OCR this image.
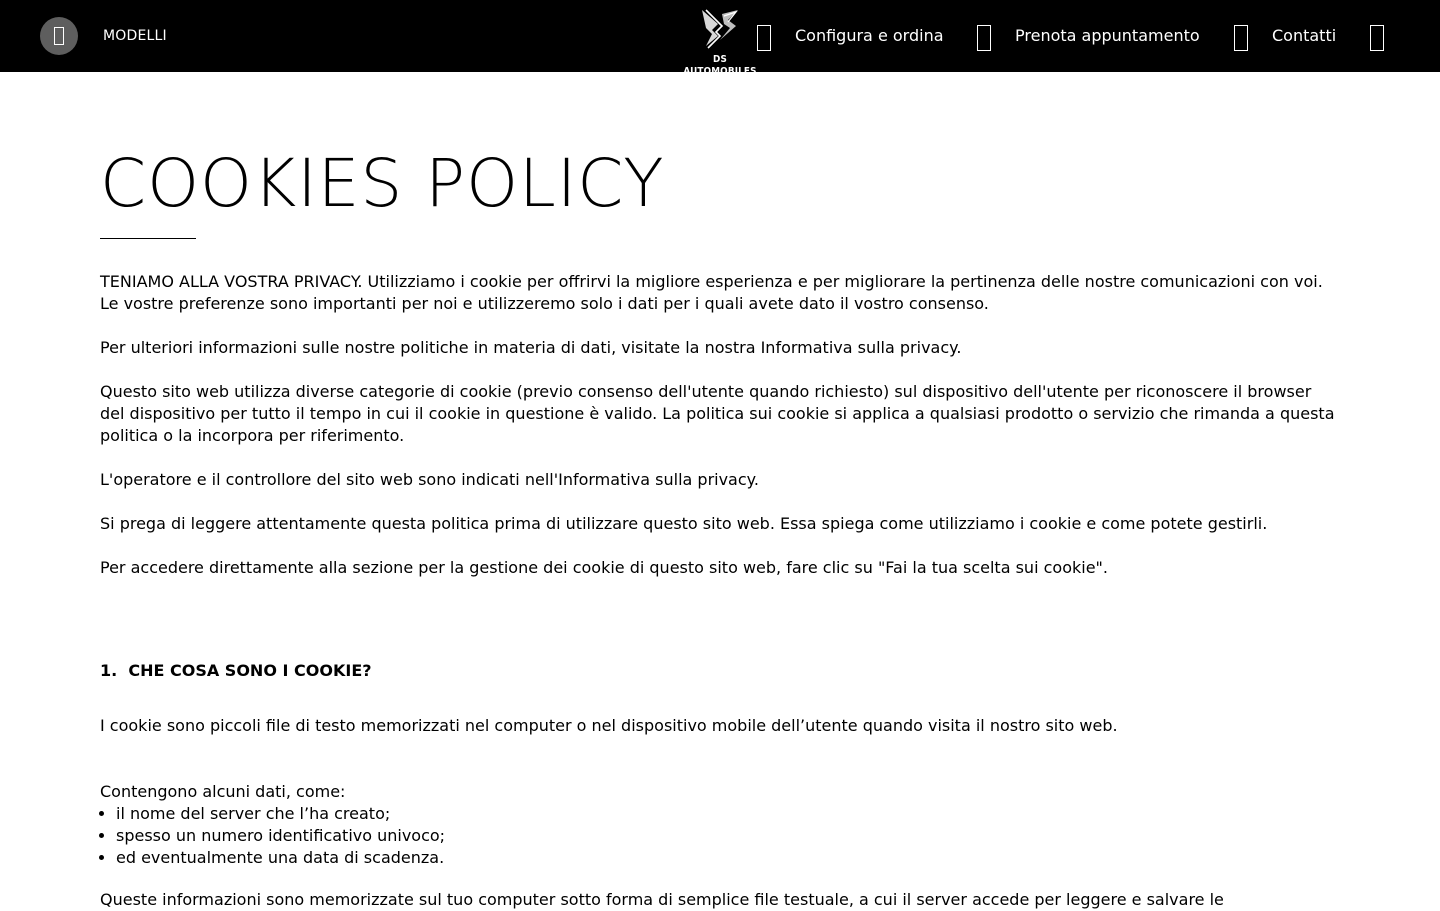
MODELLI
DS AUTOMOBILES
Configura e ordina	Prenota appuntamento	Contatti
COOKIES POLICY

TENIAMO ALLA VOSTRA PRIVACY. Utilizziamo i cookie per offrirvi la migliore esperienza e per migliorare la pertinenza delle nostre comunicazioni con voi. Le vostre preferenze sono importanti per noi e utilizzeremo solo i dati per i quali avete dato il vostro consenso.

Per ulteriori informazioni sulle nostre politiche in materia di dati, visitate la nostra Informativa sulla privacy.

Questo sito web utilizza diverse categorie di cookie (previo consenso dell'utente quando richiesto) sul dispositivo dell'utente per riconoscere il browser del dispositivo per tutto il tempo in cui il cookie in questione è valido. La politica sui cookie si applica a qualsiasi prodotto o servizio che rimanda a questa politica o la incorpora per riferimento.

L'operatore e il controllore del sito web sono indicati nell'Informativa sulla privacy.

Si prega di leggere attentamente questa politica prima di utilizzare questo sito web. Essa spiega come utilizziamo i cookie e come potete gestirli.

Per accedere direttamente alla sezione per la gestione dei cookie di questo sito web, fare clic su "Fai la tua scelta sui cookie".

1.  CHE COSA SONO I COOKIE?

I cookie sono piccoli file di testo memorizzati nel computer o nel dispositivo mobile dell’utente quando visita il nostro sito web.

Contengono alcuni dati, come:

• il nome del server che l’ha creato;
• spesso un numero identificativo univoco;
• ed eventualmente una data di scadenza.

Queste informazioni sono memorizzate sul tuo computer sotto forma di semplice file testuale, a cui il server accede per leggere e salvare le
